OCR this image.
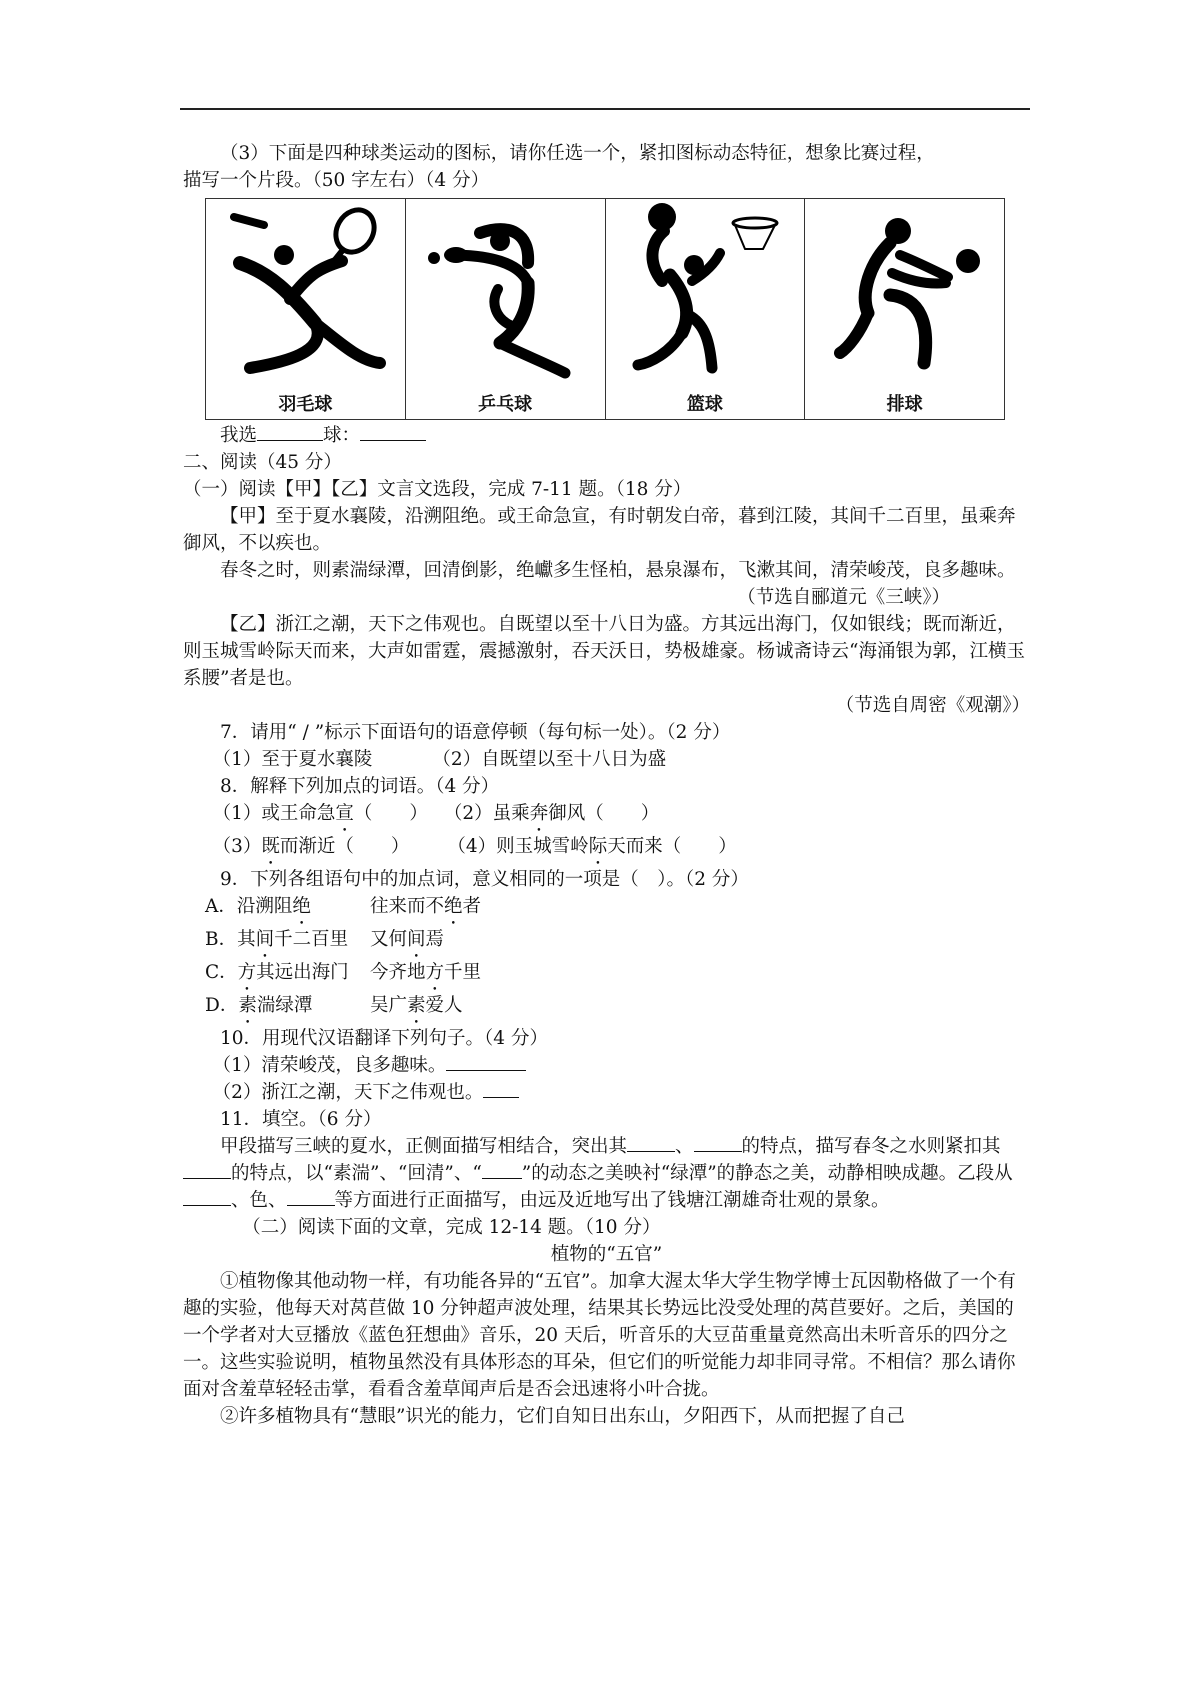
（3）下面是四种球类运动的图标，请你任选一个，紧扣图标动态特征，想象比赛过程，

描写一个片段。（50 字左右）（4 分）

羽毛球	乒乓球	篮球	排球

我选	球：

二、阅读（45 分）

（一）阅读【甲】【乙】文言文选段，完成 7-11 题。（18 分）

【甲】至于夏水襄陵，沿溯阻绝。或王命急宣，有时朝发白帝，暮到江陵，其间千二百里，虽乘奔御风，不以疾也。

春冬之时，则素湍绿潭，回清倒影，绝巘多生怪柏，悬泉瀑布，飞漱其间，清荣峻茂，良多趣味。

（节选自郦道元《三峡》）

【乙】浙江之潮，天下之伟观也。自既望以至十八日为盛。方其远出海门，仅如银线；既而渐近，则玉城雪岭际天而来，大声如雷霆，震撼激射，吞天沃日，势极雄豪。杨诚斋诗云“海涌银为郭，江横玉系腰”者是也。

（节选自周密《观潮》）

7．请用“ / ”标示下面语句的语意停顿（每句标一处）。（2 分）

（1）至于夏水襄陵	（2）自既望以至十八日为盛

8．解释下列加点的词语。（4 分）

（1）或王命急宣（　　） （2）虽乘奔御风（　　）

（3）既而渐近（　　） （4）则玉城雪岭际天而来（　　）

9．下列各组语句中的加点词，意义相同的一项是（　）。（2 分）

A．沿溯阻绝	往来而不绝者
B．其间千二百里	又何间焉
C．方其远出海门	今齐地方千里
D．素湍绿潭	吴广素爱人

10．用现代汉语翻译下列句子。（4 分）

（1）清荣峻茂，良多趣味。

（2）浙江之潮，天下之伟观也。

11．填空。（6 分）

甲段描写三峡的夏水，正侧面描写相结合，突出其	、	的特点，描写春冬之水则紧扣其的特点，以“素湍”、“回清”、“ ”的动态之美映衬“绿潭”的静态之美，动静相映成趣。乙段从、色、	等方面进行正面描写，由远及近地写出了钱塘江潮雄奇壮观的景象。

（二）阅读下面的文章，完成 12-14 题。（10 分）

植物的“五官”

①植物像其他动物一样，有功能各异的“五官”。加拿大渥太华大学生物学博士瓦因勒格做了一个有趣的实验，他每天对莴苣做 10 分钟超声波处理，结果其长势远比没受处理的莴苣要好。之后，美国的一个学者对大豆播放《蓝色狂想曲》音乐，20 天后，听音乐的大豆苗重量竟然高出未听音乐的四分之一。这些实验说明，植物虽然没有具体形态的耳朵，但它们的听觉能力却非同寻常。不相信？那么请你面对含羞草轻轻击掌，看看含羞草闻声后是否会迅速将小叶合拢。

②许多植物具有“慧眼”识光的能力，它们自知日出东山，夕阳西下，从而把握了自己
